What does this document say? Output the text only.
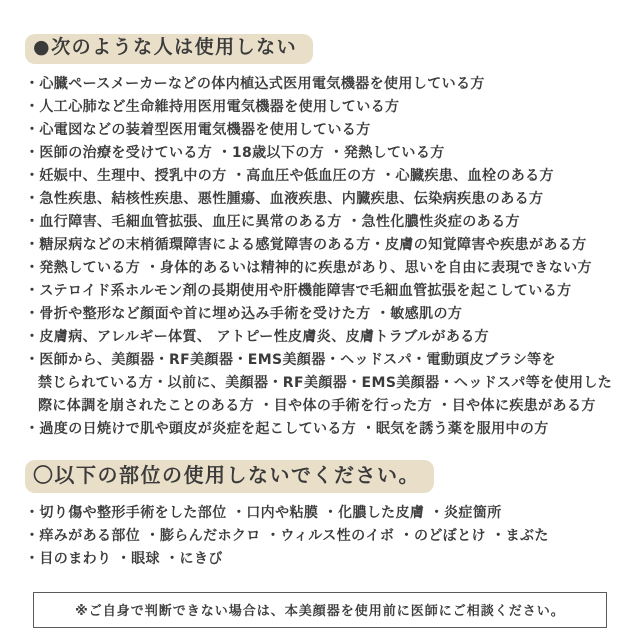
●次のような人は使用しない
・心臓ペースメーカーなどの体内植込式医用電気機器を使用している方
・人工心肺など生命維持用医用電気機器を使用している方
・心電図などの装着型医用電気機器を使用している方
・医師の治療を受けている方 ・18歳以下の方 ・発熱している方
・妊娠中、生理中、授乳中の方 ・高血圧や低血圧の方 ・心臓疾患、血栓のある方
・急性疾患、結核性疾患、悪性腫瘍、血液疾患、内臓疾患、伝染病疾患のある方
・血行障害、毛細血管拡張、血圧に異常のある方 ・急性化膿性炎症のある方
・糖尿病などの末梢循環障害による感覚障害のある方・皮膚の知覚障害や疾患がある方
・発熱している方 ・身体的あるいは精神的に疾患があり、思いを自由に表現できない方
・ステロイド系ホルモン剤の長期使用や肝機能障害で毛細血管拡張を起こしている方
・骨折や整形など顔面や首に埋め込み手術を受けた方 ・敏感肌の方
・皮膚病、アレルギー体質、 アトピー性皮膚炎、皮膚トラブルがある方
・医師から、美顔器・RF美顔器・EMS美顔器・ヘッドスパ・電動頭皮ブラシ等を
禁じられている方・以前に、美顔器・RF美顔器・EMS美顔器・ヘッドスパ等を使用した
際に体調を崩されたことのある方 ・目や体の手術を行った方 ・目や体に疾患がある方
・過度の日焼けで肌や頭皮が炎症を起こしている方 ・眠気を誘う薬を服用中の方
〇以下の部位の使用しないでください。
・切り傷や整形手術をした部位 ・口内や粘膜 ・化膿した皮膚 ・炎症箇所
・痒みがある部位 ・膨らんだホクロ ・ウィルス性のイボ ・のどぼとけ ・まぶた
・目のまわり ・眼球 ・にきび
※ご自身で判断できない場合は、本美顔器を使用前に医師にご相談ください。
